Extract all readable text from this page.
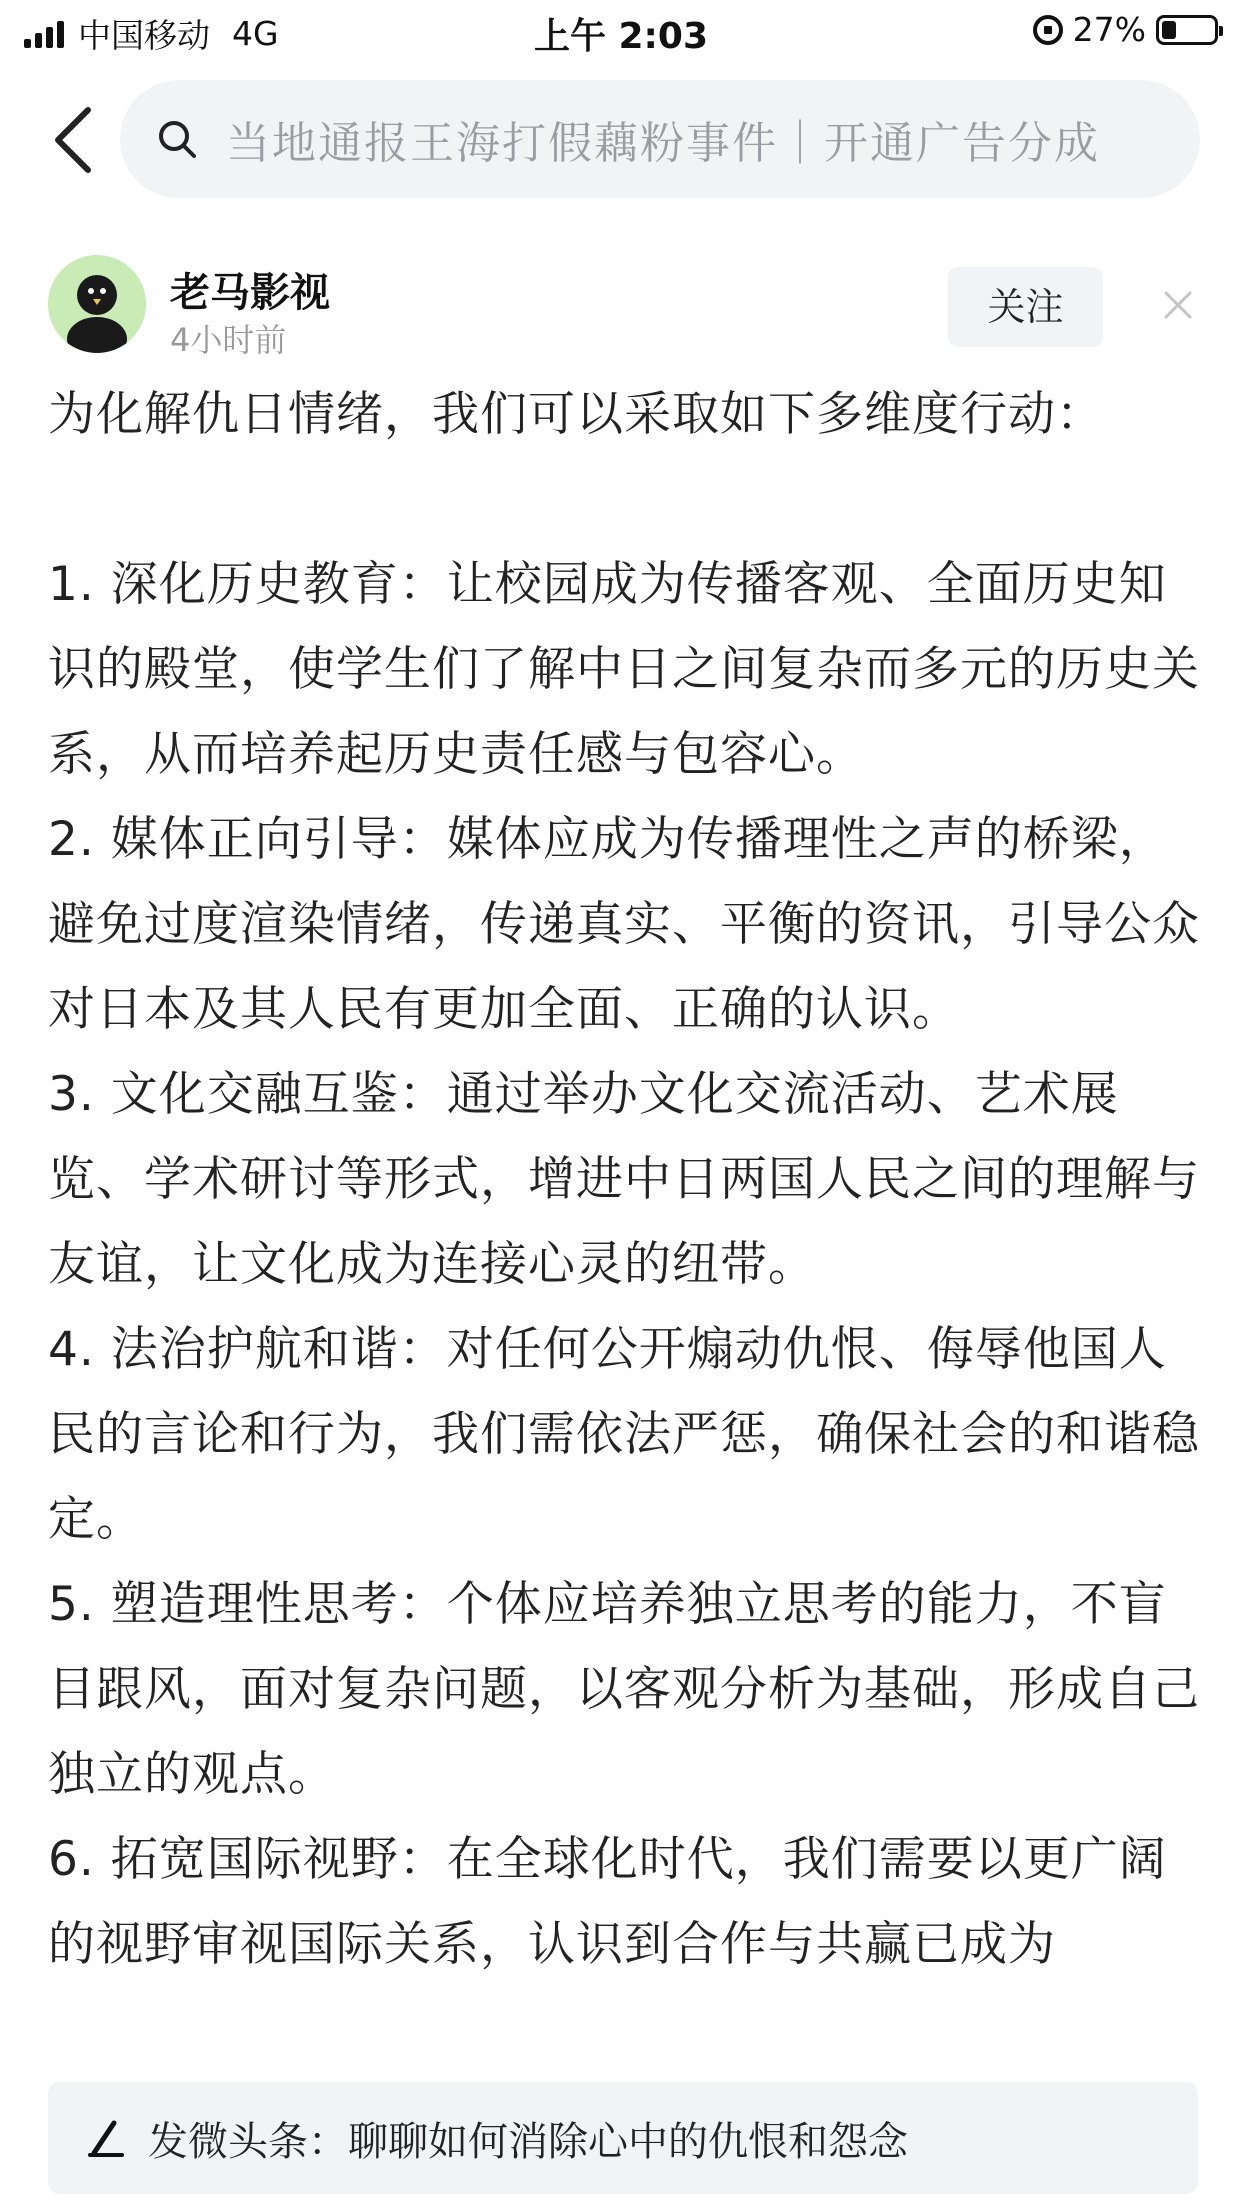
中国移动 4G	上午 2:03	27%
当地通报王海打假藕粉事件｜开通广告分成
老马影视
4小时前
关注

为化解仇日情绪，我们可以采取如下多维度行动：

1. 深化历史教育：让校园成为传播客观、全面历史知识的殿堂，使学生们了解中日之间复杂而多元的历史关系，从而培养起历史责任感与包容心。

2. 媒体正向引导：媒体应成为传播理性之声的桥梁，避免过度渲染情绪，传递真实、平衡的资讯，引导公众对日本及其人民有更加全面、正确的认识。

3. 文化交融互鉴：通过举办文化交流活动、艺术展览、学术研讨等形式，增进中日两国人民之间的理解与友谊，让文化成为连接心灵的纽带。

4. 法治护航和谐：对任何公开煽动仇恨、侮辱他国人民的言论和行为，我们需依法严惩，确保社会的和谐稳定。

5. 塑造理性思考：个体应培养独立思考的能力，不盲目跟风，面对复杂问题，以客观分析为基础，形成自己独立的观点。

6. 拓宽国际视野：在全球化时代，我们需要以更广阔的视野审视国际关系，认识到合作与共赢已成为

发微头条：聊聊如何消除心中的仇恨和怨念
